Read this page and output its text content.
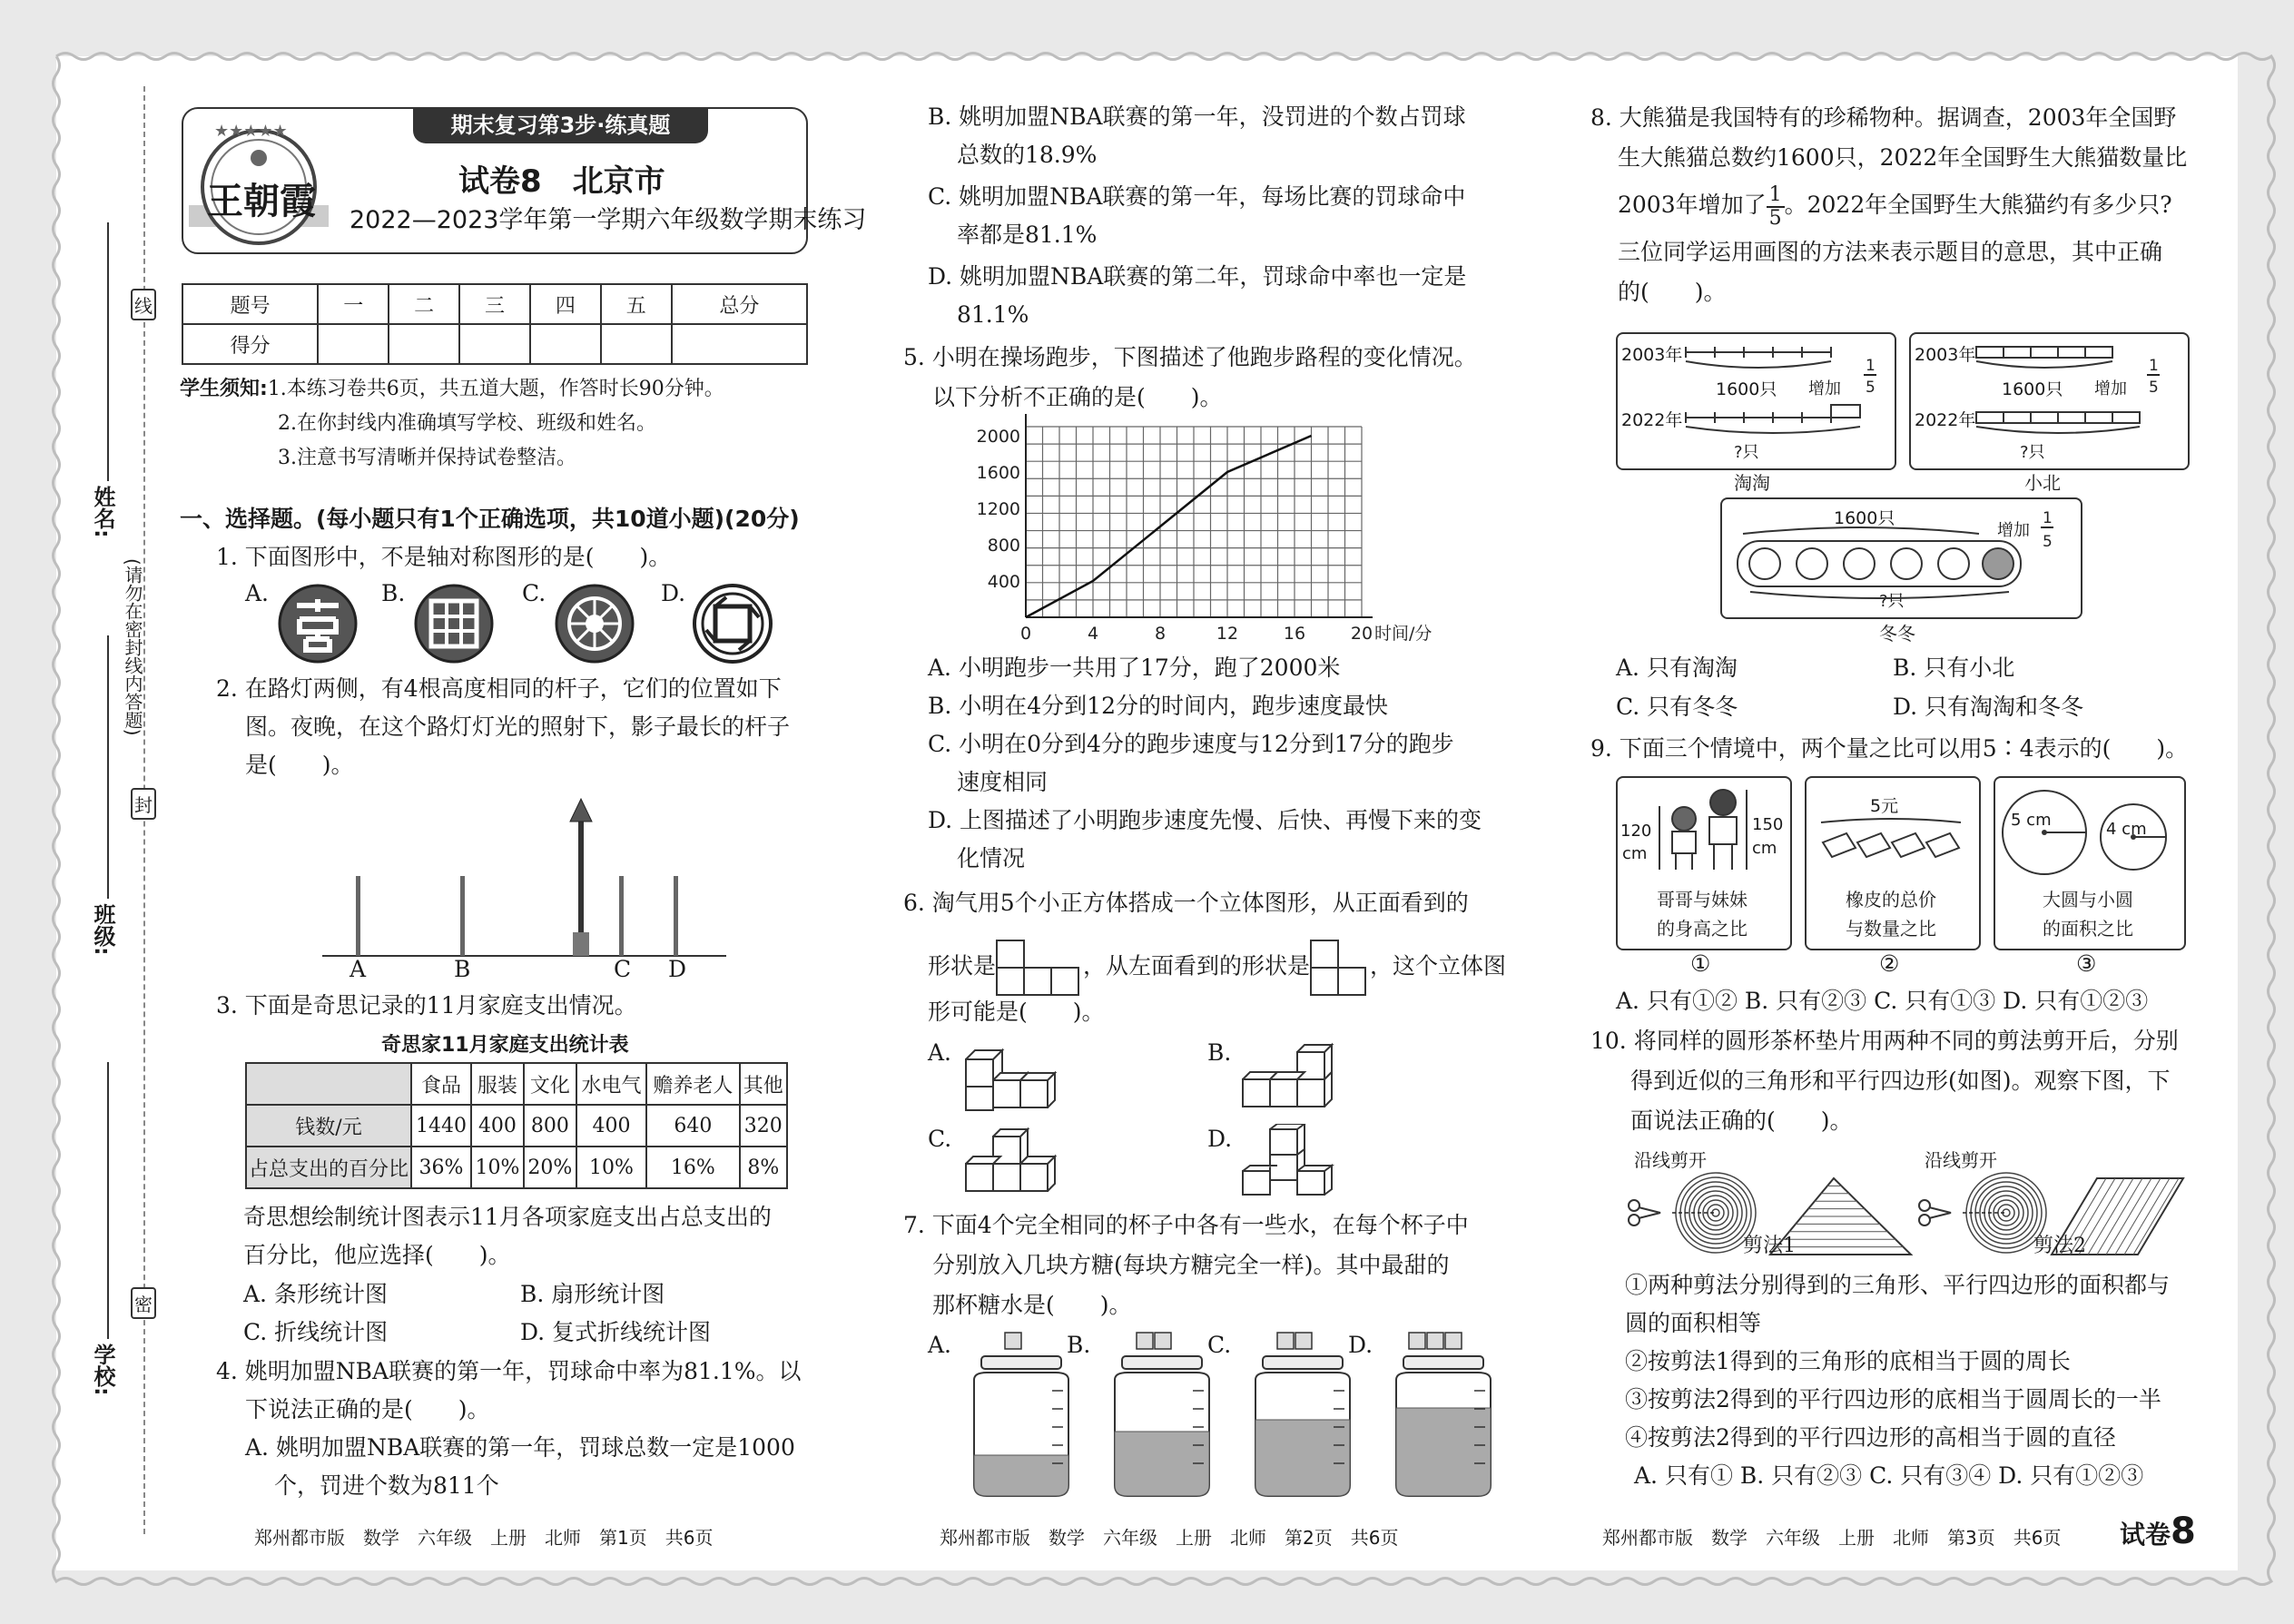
姓名:
班级:
学校:
(请勿在密封线内答题)
线
封
密
期末复习第3步·练真题
★★★★★
王朝霞	试卷8　北京市
2022—2023学年第一学期六年级数学期末练习
题号	一	二	三	四	五	总分
得分						
学生须知:1.本练习卷共6页，共五道大题，作答时长90分钟。
2.在你封线内准确填写学校、班级和姓名。
3.注意书写清晰并保持试卷整洁。
一、选择题。(每小题只有1个正确选项，共10道小题)(20分)
1. 下面图形中，不是轴对称图形的是(　　)。
A.	B.	C.	D.
2. 在路灯两侧，有4根高度相同的杆子，它们的位置如下
图。夜晚，在这个路灯灯光的照射下，影子最长的杆子
是(　　)。
A	B	C D
3. 下面是奇思记录的11月家庭支出情况。
奇思家11月家庭支出统计表
	食品	服装	文化	水电气	赡养老人	其他
钱数/元	1440	400	800	400	640	320
占总支出的百分比	36%	10%	20%	10%	16%	8%
奇思想绘制统计图表示11月各项家庭支出占总支出的
百分比，他应选择(　　)。
A. 条形统计图	B. 扇形统计图
C. 折线统计图	D. 复式折线统计图
4. 姚明加盟NBA联赛的第一年，罚球命中率为81.1%。以
下说法正确的是(　　)。
A. 姚明加盟NBA联赛的第一年，罚球总数一定是1000
个，罚进个数为811个
郑州都市版　数学　六年级　上册　北师　第1页　共6页
B. 姚明加盟NBA联赛的第一年，没罚进的个数占罚球
总数的18.9%
C. 姚明加盟NBA联赛的第一年，每场比赛的罚球命中
率都是81.1%
D. 姚明加盟NBA联赛的第二年，罚球命中率也一定是
81.1%
5. 小明在操场跑步，下图描述了他跑步路程的变化情况。
以下分析不正确的是(　　)。
时间/分
0	4	8	12	16	20
400
800
1200
1600
2000
A. 小明跑步一共用了17分，跑了2000米
B. 小明在4分到12分的时间内，跑步速度最快
C. 小明在0分到4分的跑步速度与12分到17分的跑步
速度相同
D. 上图描述了小明跑步速度先慢、后快、再慢下来的变
化情况
6. 淘气用5个小正方体搭成一个立体图形，从正面看到的
形状是	，从左面看到的形状是	，这个立体图
形可能是(　　)。
A.	B.
C.	D.
7. 下面4个完全相同的杯子中各有一些水，在每个杯子中
分别放入几块方糖(每块方糖完全一样)。其中最甜的
那杯糖水是(　　)。
A.	B.	C.	D.
郑州都市版　数学　六年级　上册　北师　第2页　共6页
8. 大熊猫是我国特有的珍稀物种。据调查，2003年全国野
生大熊猫总数约1600只，2022年全国野生大熊猫数量比
2003年增加了 $\frac{1}{5}$ 。2022年全国野生大熊猫约有多少只?
三位同学运用画图的方法来表示题目的意思，其中正确
的(　　)。
2003年
2022年
1600只 增加
?只
1
5
淘淘
2003年
2022年
1600只 增加
?只
1
5
小北
1600只
增加
?只
1
5
冬冬
A. 只有淘淘	B. 只有小北
C. 只有冬冬	D. 只有淘淘和冬冬
9. 下面三个情境中，两个量之比可以用5∶4表示的(　　)。
120
cm
150
cm
哥哥与妹妹
的身高之比
5元
橡皮的总价
与数量之比
5 cm	4 cm
大圆与小圆
的面积之比
①	②	③
A. 只有①② B. 只有②③ C. 只有①③ D. 只有①②③
10. 将同样的圆形茶杯垫片用两种不同的剪法剪开后，分别
得到近似的三角形和平行四边形(如图)。观察下图，下
面说法正确的(　　)。
沿线剪开	沿线剪开
剪法1	剪法2
①两种剪法分别得到的三角形、平行四边形的面积都与
圆的面积相等
②按剪法1得到的三角形的底相当于圆的周长
③按剪法2得到的平行四边形的底相当于圆周长的一半
④按剪法2得到的平行四边形的高相当于圆的直径
A. 只有① B. 只有②③ C. 只有③④ D. 只有①②③
郑州都市版　数学　六年级　上册　北师　第3页　共6页 试卷8
